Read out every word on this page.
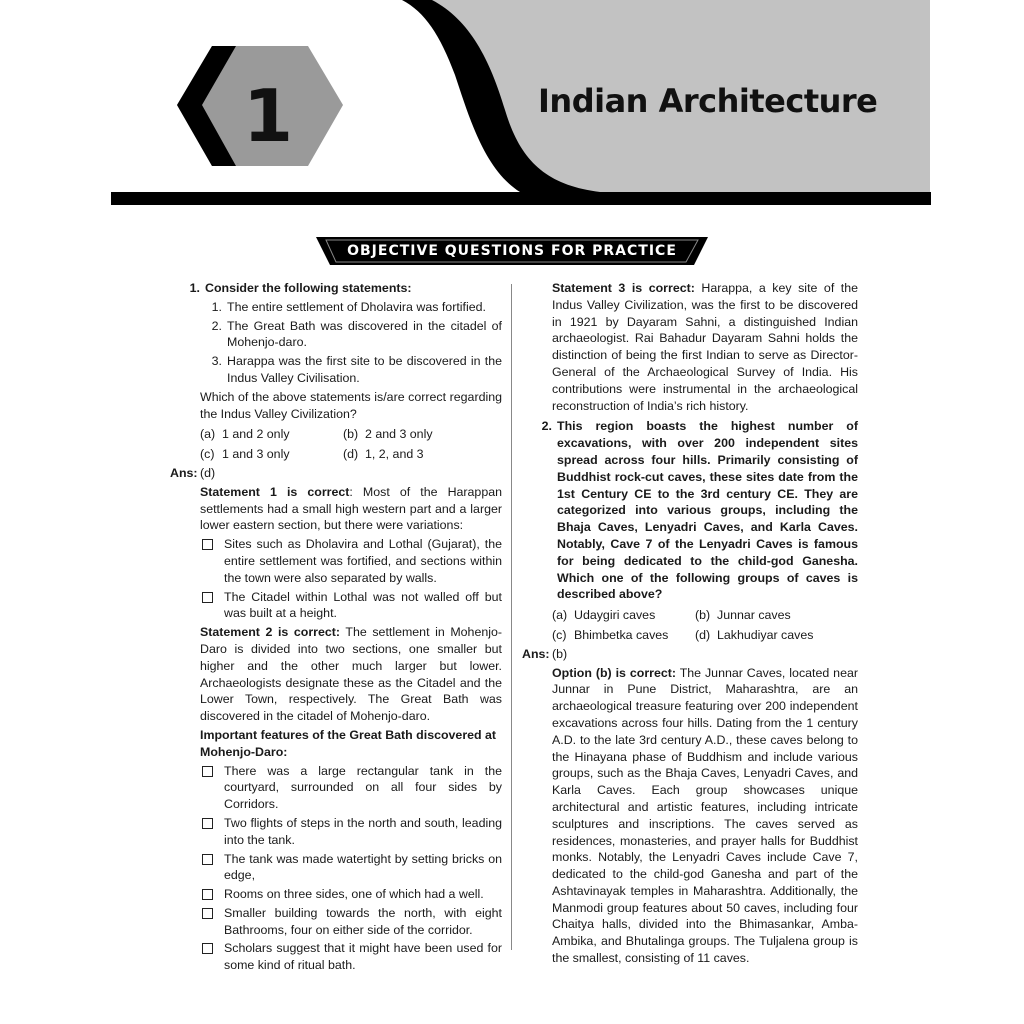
1	Indian Architecture
OBJECTIVE QUESTIONS FOR PRACTICE
1. Consider the following statements:
1. The entire settlement of Dholavira was fortified.
2. The Great Bath was discovered in the citadel of Mohenjo-daro.
3. Harappa was the first site to be discovered in the Indus Valley Civilisation.

Which of the above statements is/are correct regarding the Indus Valley Civilization?

(a) 1 and 2 only	(b) 2 and 3 only
(c) 1 and 3 only	(d) 1, 2, and 3
Ans: (d)

Statement 1 is correct: Most of the Harappan settlements had a small high western part and a larger lower eastern section, but there were variations:

Sites such as Dholavira and Lothal (Gujarat), the entire settlement was fortified, and sections within the town were also separated by walls.
The Citadel within Lothal was not walled off but was built at a height.

Statement 2 is correct: The settlement in Mohenjo-Daro is divided into two sections, one smaller but higher and the other much larger but lower. Archaeologists designate these as the Citadel and the Lower Town, respectively. The Great Bath was discovered in the citadel of Mohenjo-daro.

Important features of the Great Bath discovered at Mohenjo-Daro:

There was a large rectangular tank in the courtyard, surrounded on all four sides by Corridors.
Two flights of steps in the north and south, leading into the tank.
The tank was made watertight by setting bricks on edge,
Rooms on three sides, one of which had a well.
Smaller building towards the north, with eight Bathrooms, four on either side of the corridor.
Scholars suggest that it might have been used for some kind of ritual bath.

Statement 3 is correct: Harappa, a key site of the Indus Valley Civilization, was the first to be discovered in 1921 by Dayaram Sahni, a distinguished Indian archaeologist. Rai Bahadur Dayaram Sahni holds the distinction of being the first Indian to serve as Director-General of the Archaeological Survey of India. His contributions were instrumental in the archaeological reconstruction of India’s rich history.

2. This region boasts the highest number of excavations, with over 200 independent sites spread across four hills. Primarily consisting of Buddhist rock-cut caves, these sites date from the 1st Century CE to the 3rd century CE. They are categorized into various groups, including the Bhaja Caves, Lenyadri Caves, and Karla Caves. Notably, Cave 7 of the Lenyadri Caves is famous for being dedicated to the child-god Ganesha. Which one of the following groups of caves is described above?
(a) Udaygiri caves	(b) Junnar caves
(c) Bhimbetka caves (d) Lakhudiyar caves
Ans: (b)

Option (b) is correct: The Junnar Caves, located near Junnar in Pune District, Maharashtra, are an archaeological treasure featuring over 200 independent excavations across four hills. Dating from the 1 century A.D. to the late 3rd century A.D., these caves belong to the Hinayana phase of Buddhism and include various groups, such as the Bhaja Caves, Lenyadri Caves, and Karla Caves. Each group showcases unique architectural and artistic features, including intricate sculptures and inscriptions. The caves served as residences, monasteries, and prayer halls for Buddhist monks. Notably, the Lenyadri Caves include Cave 7, dedicated to the child-god Ganesha and part of the Ashtavinayak temples in Maharashtra. Additionally, the Manmodi group features about 50 caves, including four Chaitya halls, divided into the Bhimasankar, Amba-Ambika, and Bhutalinga groups. The Tuljalena group is the smallest, consisting of 11 caves.
